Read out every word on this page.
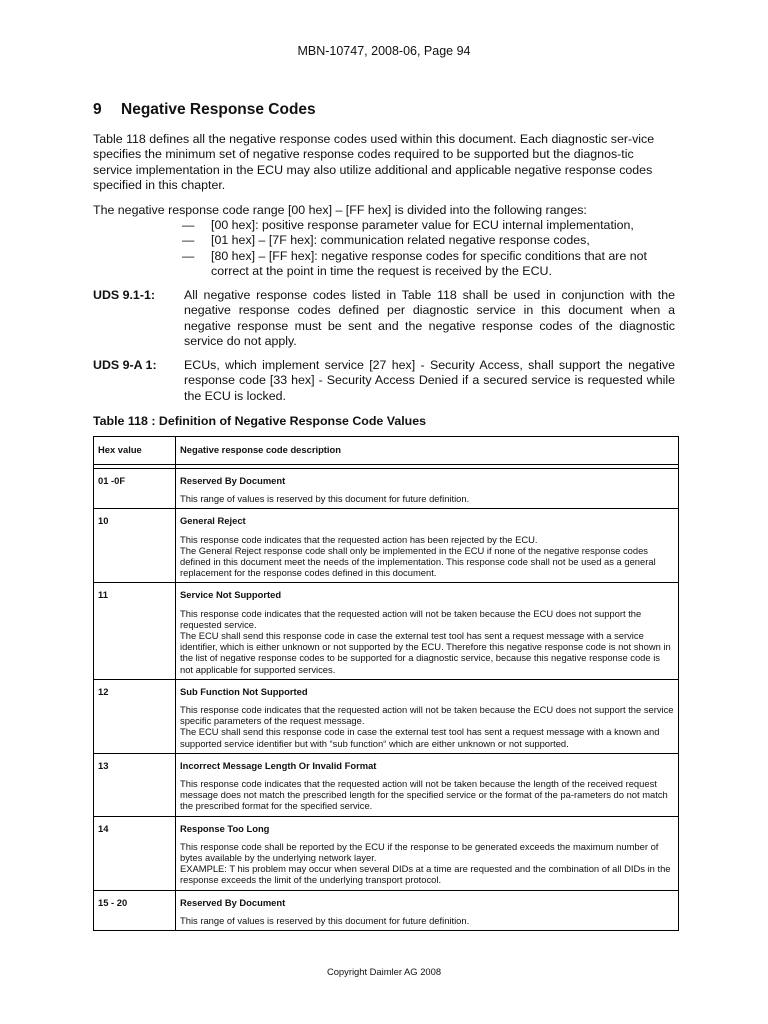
MBN-10747, 2008-06, Page 94
9 Negative Response Codes

Table 118 defines all the negative response codes used within this document. Each diagnostic ser-vice specifies the minimum set of negative response codes required to be supported but the diagnos-tic service implementation in the ECU may also utilize additional and applicable negative response codes specified in this chapter.

The negative response code range [00 hex] – [FF hex] is divided into the following ranges:

—	[00 hex]: positive response parameter value for ECU internal implementation,
—	[01 hex] – [7F hex]: communication related negative response codes,
—	[80 hex] – [FF hex]: negative response codes for specific conditions that are not correct at the point in time the request is received by the ECU.
UDS 9.1-1:	All negative response codes listed in Table 118 shall be used in conjunction with the negative response codes defined per diagnostic service in this document when a negative response must be sent and the negative response codes of the diagnostic service do not apply.
UDS 9-A 1:	ECUs, which implement service [27 hex] - Security Access, shall support the negative response code [33 hex] - Security Access Denied if a secured service is requested while the ECU is locked.
Table 118 : Definition of Negative Response Code Values
Hex value	Negative response code description

01 -0F	Reserved By Document
This range of values is reserved by this document for future definition.

10	General Reject
This response code indicates that the requested action has been rejected by the ECU.
The General Reject response code shall only be implemented in the ECU if none of the negative response codes defined in this document meet the needs of the implementation. This response code shall not be used as a general replacement for the response codes defined in this document.

11	Service Not Supported
This response code indicates that the requested action will not be taken because the ECU does not support the requested service.
The ECU shall send this response code in case the external test tool has sent a request message with a service identifier, which is either unknown or not supported by the ECU. Therefore this negative response code is not shown in the list of negative response codes to be supported for a diagnostic service, because this negative response code is not applicable for supported services.

12	Sub Function Not Supported
This response code indicates that the requested action will not be taken because the ECU does not support the service specific parameters of the request message.
The ECU shall send this response code in case the external test tool has sent a request message with a known and supported service identifier but with “sub function“ which are either unknown or not supported.

13	Incorrect Message Length Or Invalid Format
This response code indicates that the requested action will not be taken because the length of the received request message does not match the prescribed length for the specified service or the format of the pa-rameters do not match the prescribed format for the specified service.

14	Response Too Long
This response code shall be reported by the ECU if the response to be generated exceeds the maximum number of bytes available by the underlying network layer.
EXAMPLE: T his problem may occur when several DIDs at a time are requested and the combination of all DIDs in the response exceeds the limit of the underlying transport protocol.

15 - 20	Reserved By Document
This range of values is reserved by this document for future definition.
Copyright Daimler AG 2008
